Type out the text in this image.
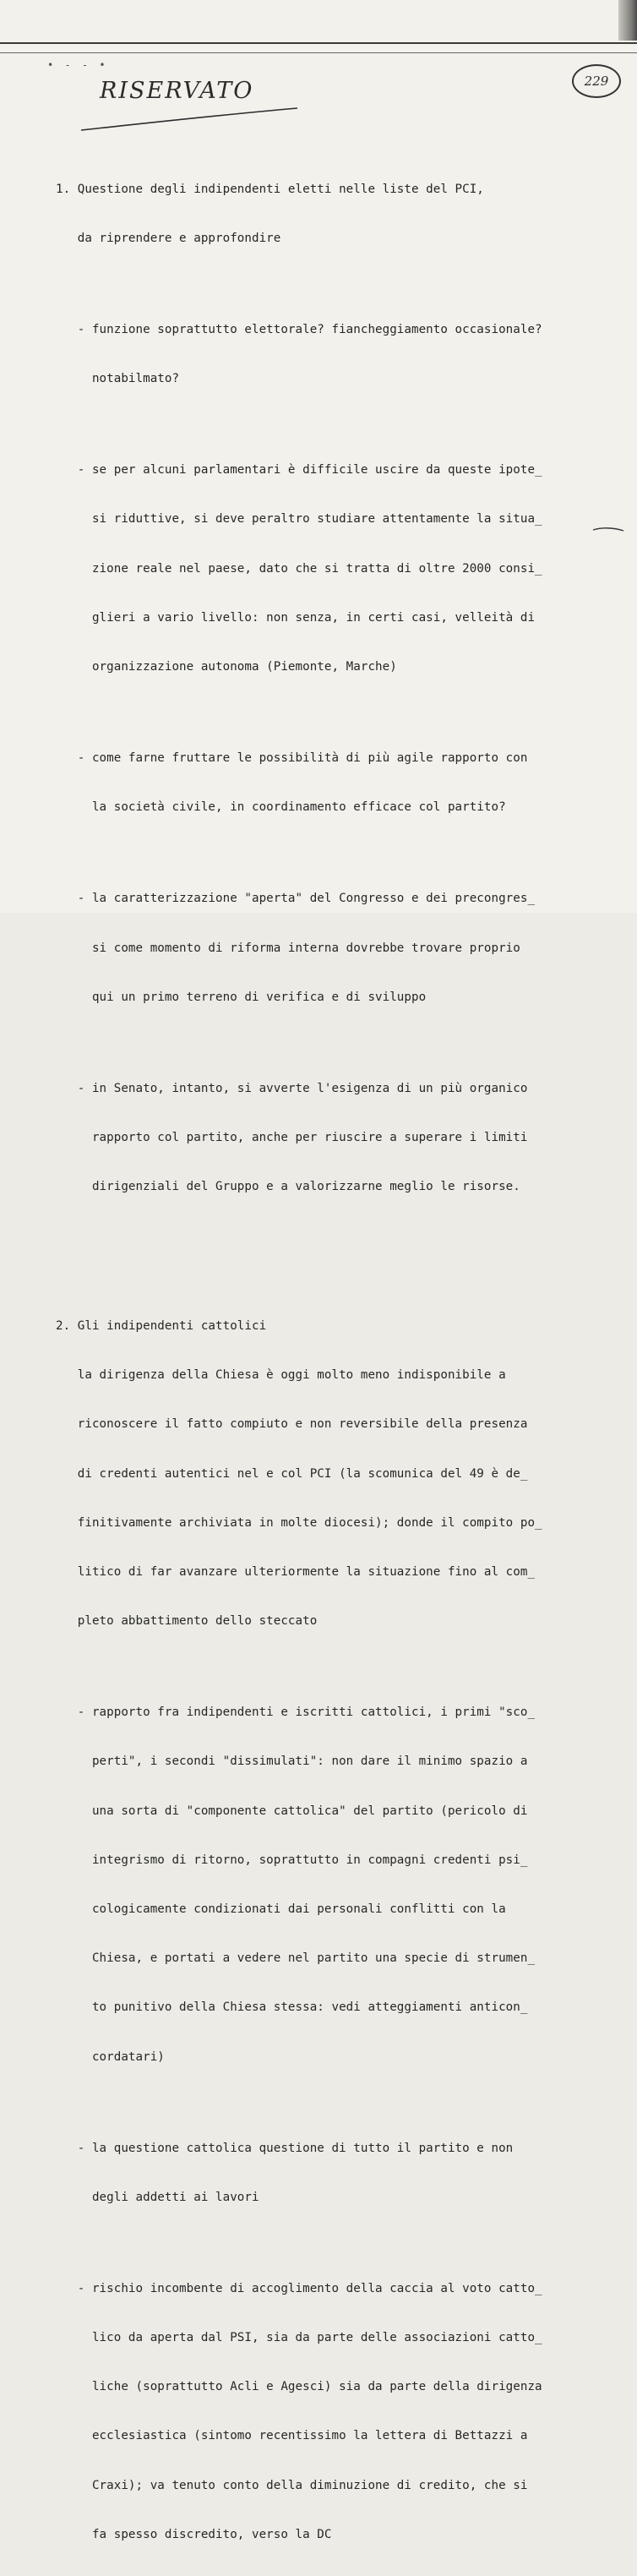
• - - •
RISERVATO	229

1. Questione degli indipendenti eletti nelle liste del PCI,

da riprendere e approfondire

- funzione soprattutto elettorale? fiancheggiamento occasionale?

notabilmato?

- se per alcuni parlamentari è difficile uscire da queste ipote_

si riduttive, si deve peraltro studiare attentamente la situa_

zione reale nel paese, dato che si tratta di oltre 2000 consi_

glieri a vario livello: non senza, in certi casi, velleità di

organizzazione autonoma (Piemonte, Marche)

- come farne fruttare le possibilità di più agile rapporto con

la società civile, in coordinamento efficace col partito?

- la caratterizzazione "aperta" del Congresso e dei precongres_

si come momento di riforma interna dovrebbe trovare proprio

qui un primo terreno di verifica e di sviluppo

- in Senato, intanto, si avverte l'esigenza di un più organico

rapporto col partito, anche per riuscire a superare i limiti

dirigenziali del Gruppo e a valorizzarne meglio le risorse.

2. Gli indipendenti cattolici

la dirigenza della Chiesa è oggi molto meno indisponibile a

riconoscere il fatto compiuto e non reversibile della presenza

di credenti autentici nel e col PCI (la scomunica del 49 è de_

finitivamente archiviata in molte diocesi); donde il compito po_

litico di far avanzare ulteriormente la situazione fino al com_

pleto abbattimento dello steccato

- rapporto fra indipendenti e iscritti cattolici, i primi "sco_

perti", i secondi "dissimulati": non dare il minimo spazio a

una sorta di "componente cattolica" del partito (pericolo di

integrismo di ritorno, soprattutto in compagni credenti psi_

cologicamente condizionati dai personali conflitti con la

Chiesa, e portati a vedere nel partito una specie di strumen_

to punitivo della Chiesa stessa: vedi atteggiamenti anticon_

cordatari)

- la questione cattolica questione di tutto il partito e non

degli addetti ai lavori

- rischio incombente di accoglimento della caccia al voto catto_

lico da aperta dal PSI, sia da parte delle associazioni catto_

liche (soprattutto Acli e Agesci) sia da parte della dirigenza

ecclesiastica (sintomo recentissimo la lettera di Bettazzi a

Craxi); va tenuto conto della diminuzione di credito, che si

fa spesso discredito, verso la DC
